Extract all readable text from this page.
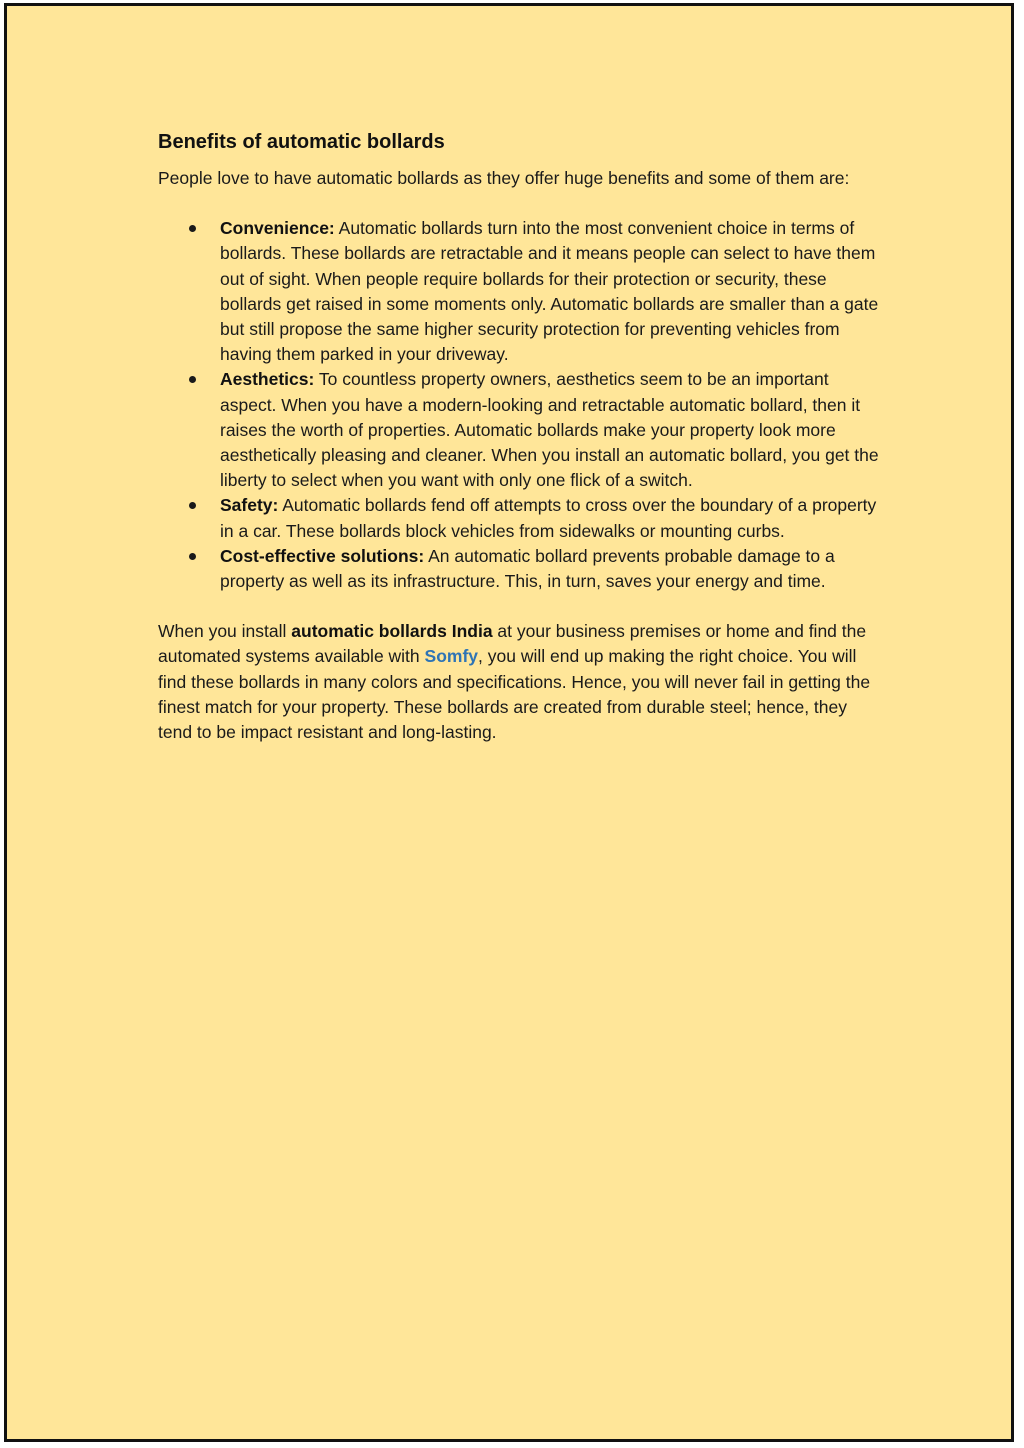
Benefits of automatic bollards

People love to have automatic bollards as they offer huge benefits and some of them are:

Convenience: Automatic bollards turn into the most convenient choice in terms of bollards. These bollards are retractable and it means people can select to have them out of sight. When people require bollards for their protection or security, these bollards get raised in some moments only. Automatic bollards are smaller than a gate but still propose the same higher security protection for preventing vehicles from having them parked in your driveway.
Aesthetics: To countless property owners, aesthetics seem to be an important aspect. When you have a modern-looking and retractable automatic bollard, then it raises the worth of properties. Automatic bollards make your property look more aesthetically pleasing and cleaner. When you install an automatic bollard, you get the liberty to select when you want with only one flick of a switch.
Safety: Automatic bollards fend off attempts to cross over the boundary of a property in a car. These bollards block vehicles from sidewalks or mounting curbs.
Cost-effective solutions: An automatic bollard prevents probable damage to a property as well as its infrastructure. This, in turn, saves your energy and time.

When you install automatic bollards India at your business premises or home and find the automated systems available with Somfy, you will end up making the right choice. You will find these bollards in many colors and specifications. Hence, you will never fail in getting the finest match for your property. These bollards are created from durable steel; hence, they tend to be impact resistant and long-lasting.
